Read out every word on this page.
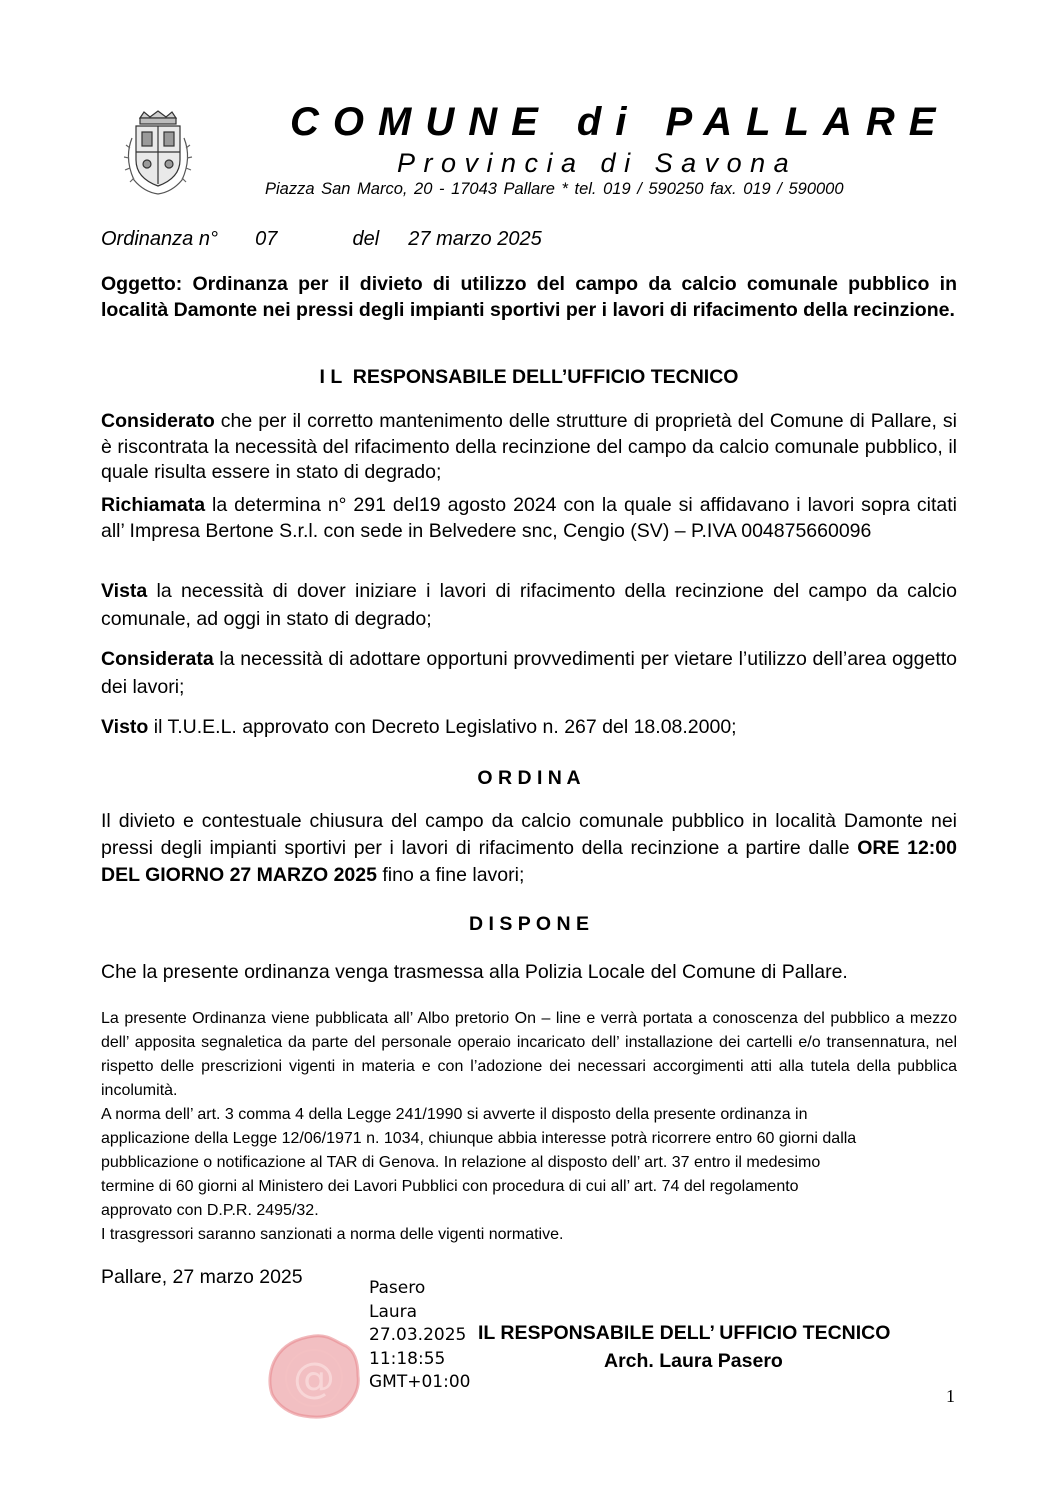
COMUNE di PALLARE
Provincia di Savona
Piazza San Marco, 20 - 17043 Pallare * tel. 019 / 590250 fax. 019 / 590000
Ordinanza n° 07	del 27 marzo 2025
Oggetto: Ordinanza per il divieto di utilizzo del campo da calcio comunale pubblico in località Damonte nei pressi degli impianti sportivi per i lavori di rifacimento della recinzione.
I L  RESPONSABILE DELL’UFFICIO TECNICO
Considerato che per il corretto mantenimento delle strutture di proprietà del Comune di Pallare, si è riscontrata la necessità del rifacimento della recinzione del campo da calcio comunale pubblico, il quale risulta essere in stato di degrado;
Richiamata la determina n° 291 del19 agosto 2024 con la quale si affidavano i lavori sopra citati all’ Impresa Bertone S.r.l. con sede in Belvedere snc, Cengio (SV) – P.IVA 004875660096
Vista la necessità di dover iniziare i lavori di rifacimento della recinzione del campo da calcio comunale, ad oggi in stato di degrado;
Considerata la necessità di adottare opportuni provvedimenti per vietare l’utilizzo dell’area oggetto dei lavori;
Visto il T.U.E.L. approvato con Decreto Legislativo n. 267 del 18.08.2000;
O R D I N A
Il divieto e contestuale chiusura del campo da calcio comunale pubblico in località Damonte nei pressi degli impianti sportivi per i lavori di rifacimento della recinzione a partire dalle ORE 12:00 DEL GIORNO 27 MARZO 2025 fino a fine lavori;
D I S P O N E
Che la presente ordinanza venga trasmessa alla Polizia Locale del Comune di Pallare.
La presente Ordinanza viene pubblicata all’ Albo pretorio On – line e verrà portata a conoscenza del pubblico a mezzo dell’ apposita segnaletica da parte del personale operaio incaricato dell’ installazione dei cartelli e/o transennatura, nel rispetto delle prescrizioni vigenti in materia e con l’adozione dei necessari accorgimenti atti alla tutela della pubblica incolumità.
A norma dell’ art. 3 comma 4 della Legge 241/1990 si avverte il disposto della presente ordinanza in
applicazione della Legge 12/06/1971 n. 1034, chiunque abbia interesse potrà ricorrere entro 60 giorni dalla
pubblicazione o notificazione al TAR di Genova. In relazione al disposto dell’ art. 37 entro il medesimo
termine di 60 giorni al Ministero dei Lavori Pubblici con procedura di cui all’ art. 74 del regolamento
approvato con D.P.R. 2495/32.
I trasgressori saranno sanzionati a norma delle vigenti normative.
Pallare, 27 marzo 2025
@
Pasero
Laura
27.03.2025
11:18:55
GMT+01:00
IL RESPONSABILE DELL’ UFFICIO TECNICO
Arch. Laura Pasero
1
